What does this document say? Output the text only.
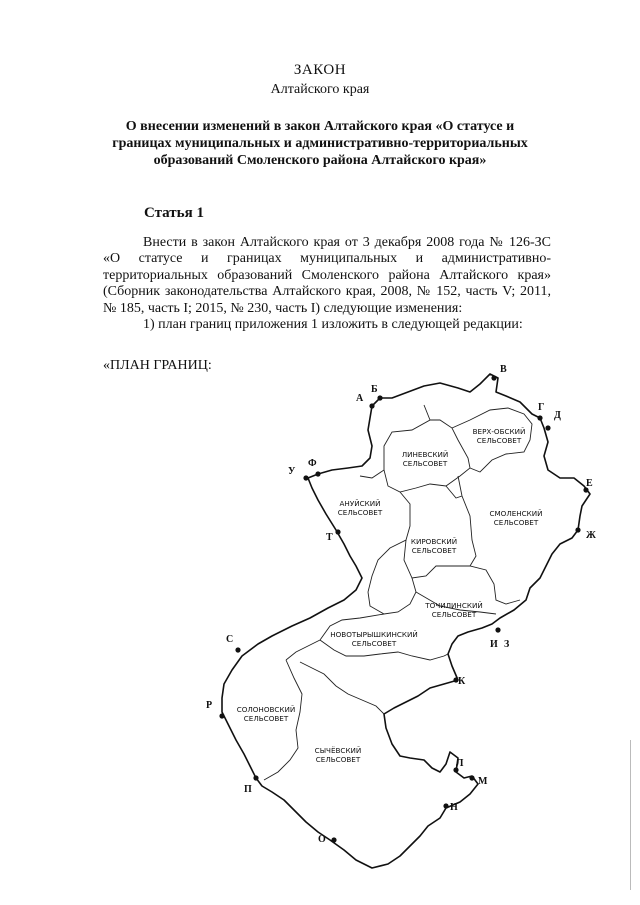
ЗАКОН
Алтайского края
О внесении изменений в закон Алтайского края «О статусе и границах муниципальных и административно-территориальных образований Смоленского района Алтайского края»
Статья 1

Внести в закон Алтайского края от 3 декабря 2008 года № 126-ЗС «О статусе и границах муниципальных и административно-территориальных образований Смоленского района Алтайского края» (Сборник законодательства Алтайского края, 2008, № 152, часть V; 2011, № 185, часть I; 2015, № 230, часть I) следующие изменения:

1) план границ приложения 1 изложить в следующей редакции:

«ПЛАН ГРАНИЦ:
А
Б
В
Г
Д
Е
Ж
И З
К
Л
М
Н
О
П
Р
С
Т
У
Ф
ЛИНЕВСКИЙ
СЕЛЬСОВЕТ
ВЕРХ-ОБСКИЙ
СЕЛЬСОВЕТ
АНУЙСКИЙ
СЕЛЬСОВЕТ	СМОЛЕНСКИЙ
СЕЛЬСОВЕТ
КИРОВСКИЙ
СЕЛЬСОВЕТ
ТОЧИЛИНСКИЙ
СЕЛЬСОВЕТ
НОВОТЫРЫШКИНСКИЙ
СЕЛЬСОВЕТ
СОЛОНОВСКИЙ
СЕЛЬСОВЕТ
СЫЧЁВСКИЙ
СЕЛЬСОВЕТ
